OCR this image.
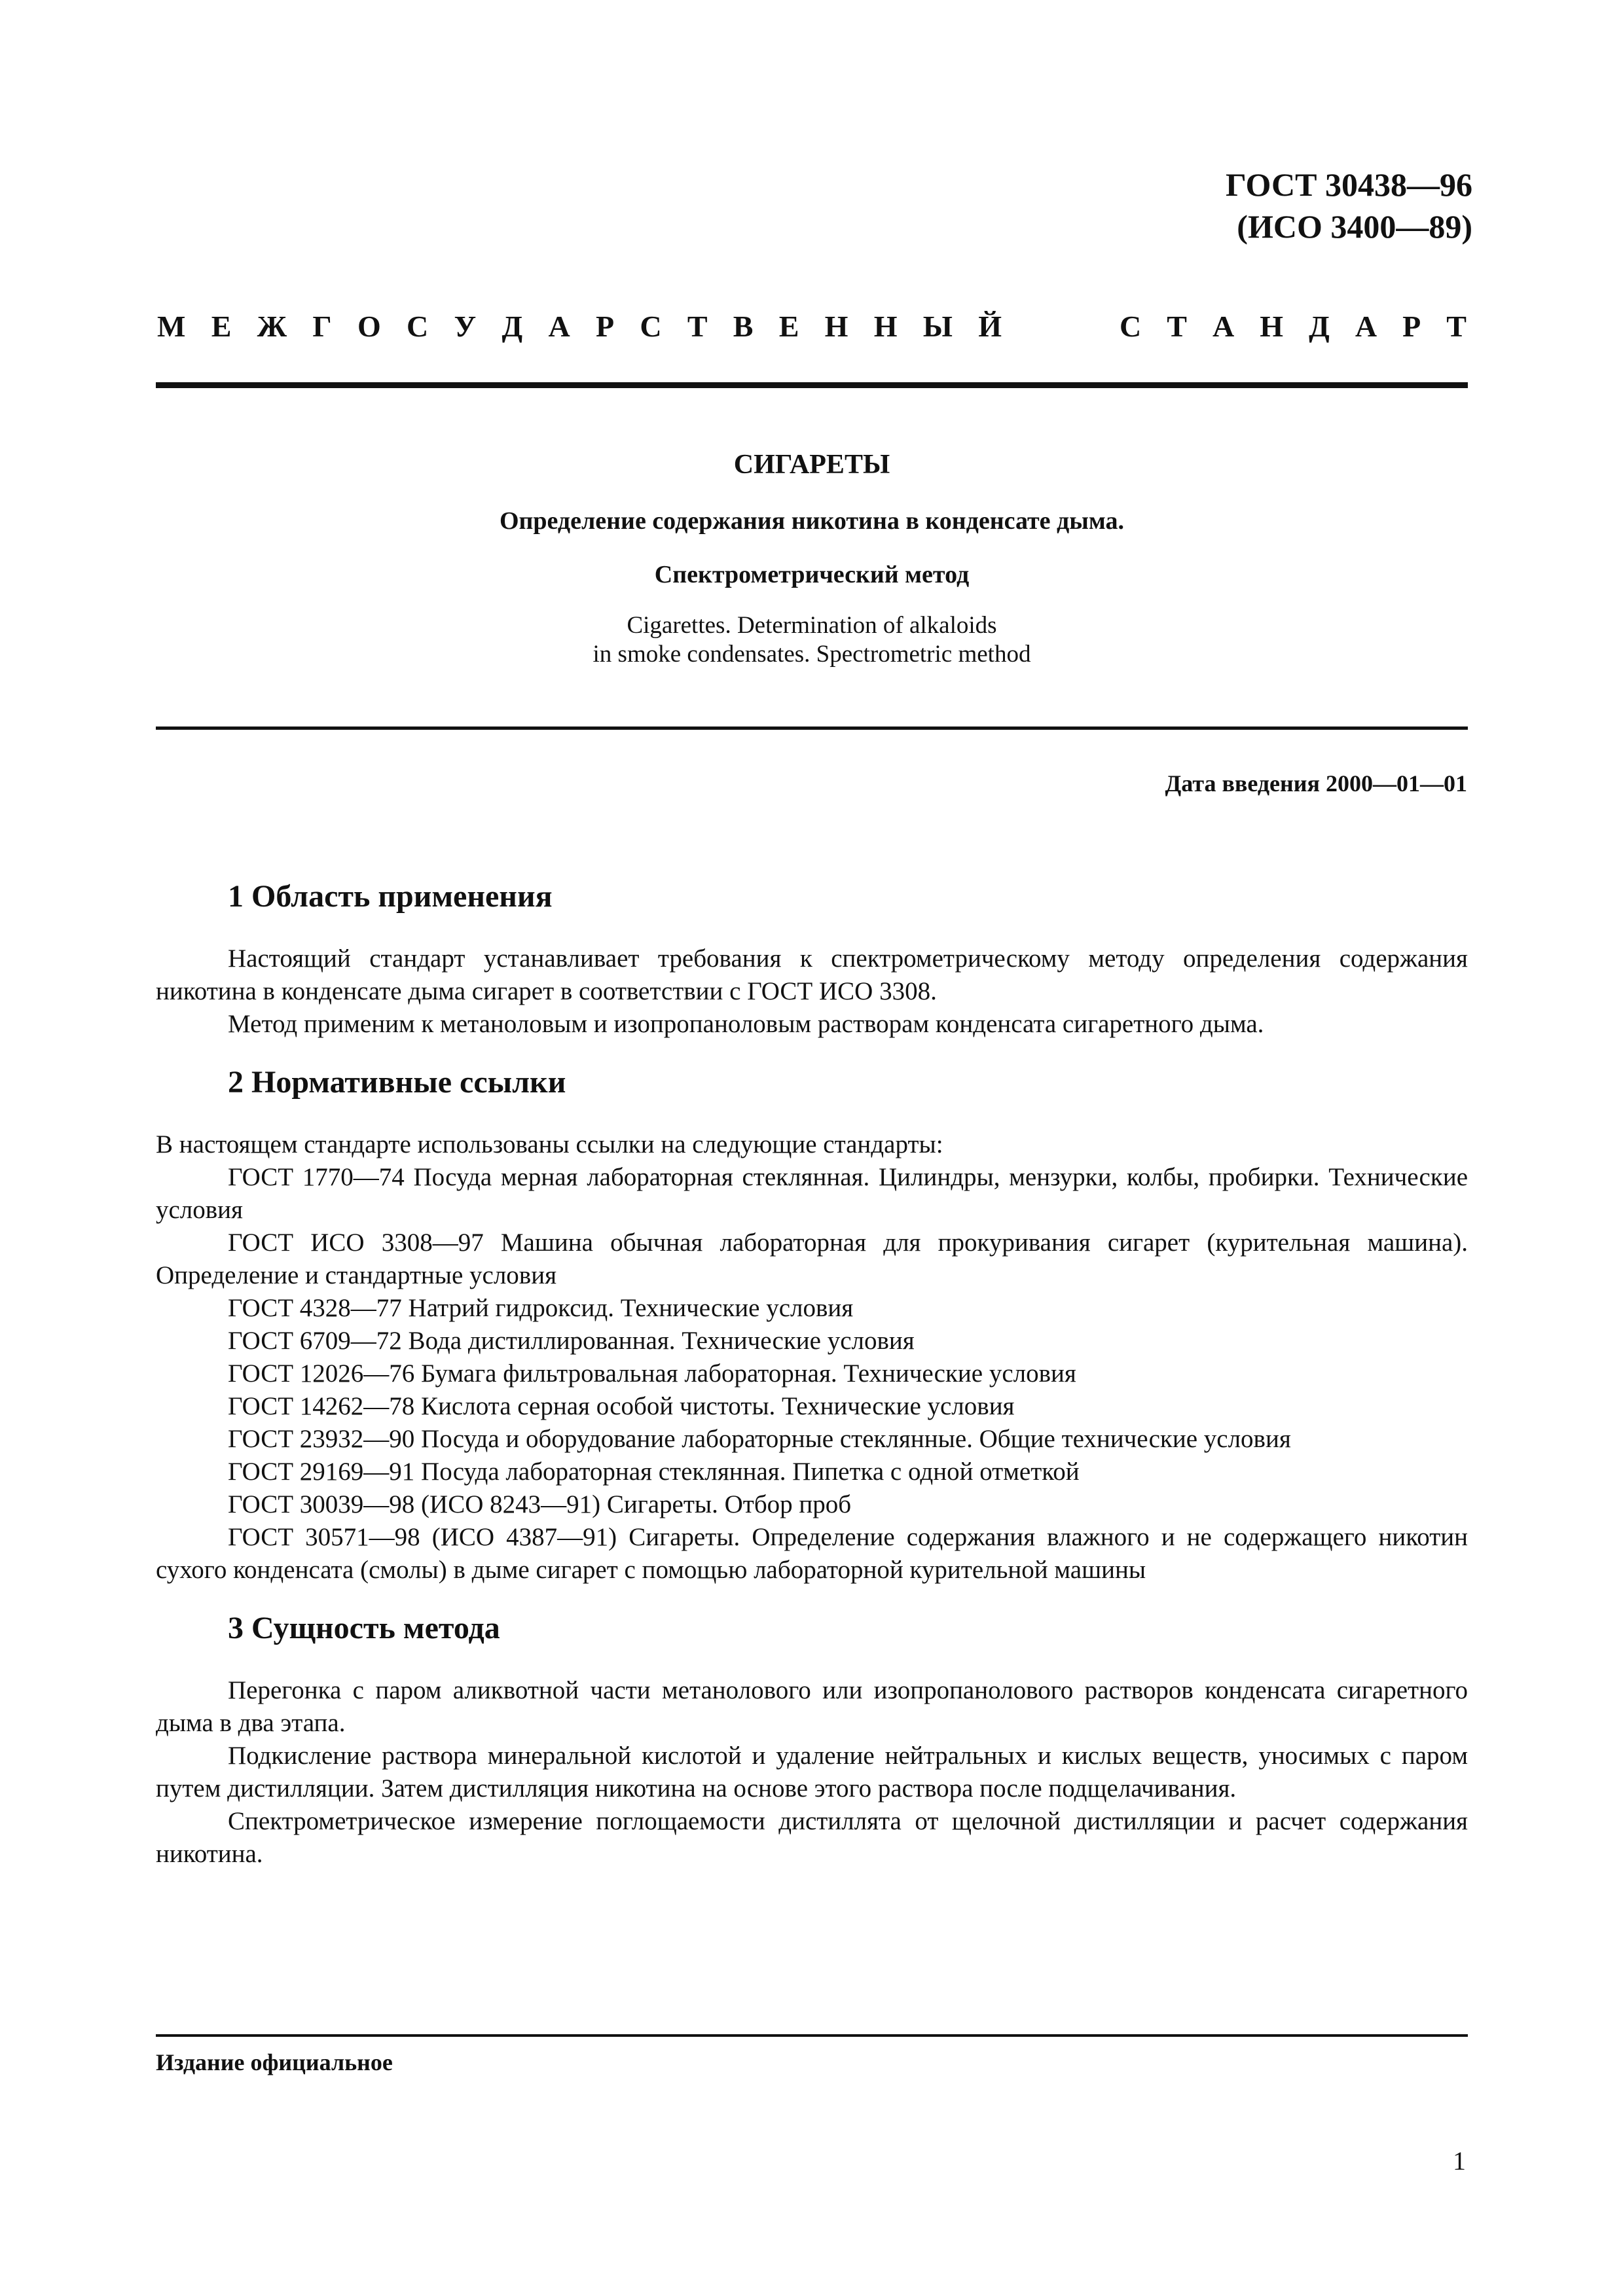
ГОСТ 30438—96
(ИСО 3400—89)
М Е Ж Г О С У Д А Р С Т В Е Н Н Ы Й	С Т А Н Д А Р Т
СИГАРЕТЫ
Определение содержания никотина в конденсате дыма.
Спектрометрический метод
Cigarettes. Determination of alkaloids
in smoke condensates. Spectrometric method
Дата введения 2000—01—01
1 Область применения

Настоящий стандарт устанавливает требования к спектрометрическому методу определения содержания никотина в конденсате дыма сигарет в соответствии с ГОСТ ИСО 3308.

Метод применим к метаноловым и изопропаноловым растворам конденсата сигаретного дыма.

2 Нормативные ссылки

В настоящем стандарте использованы ссылки на следующие стандарты:

ГОСТ 1770—74 Посуда мерная лабораторная стеклянная. Цилиндры, мензурки, колбы, пробирки. Технические условия

ГОСТ ИСО 3308—97 Машина обычная лабораторная для прокуривания сигарет (курительная машина). Определение и стандартные условия

ГОСТ 4328—77 Натрий гидроксид. Технические условия

ГОСТ 6709—72 Вода дистиллированная. Технические условия

ГОСТ 12026—76 Бумага фильтровальная лабораторная. Технические условия

ГОСТ 14262—78 Кислота серная особой чистоты. Технические условия

ГОСТ 23932—90 Посуда и оборудование лабораторные стеклянные. Общие технические условия

ГОСТ 29169—91 Посуда лабораторная стеклянная. Пипетка с одной отметкой

ГОСТ 30039—98 (ИСО 8243—91) Сигареты. Отбор проб

ГОСТ 30571—98 (ИСО 4387—91) Сигареты. Определение содержания влажного и не содержащего никотин сухого конденсата (смолы) в дыме сигарет с помощью лабораторной курительной машины

3 Сущность метода

Перегонка с паром аликвотной части метанолового или изопропанолового растворов конденсата сигаретного дыма в два этапа.

Подкисление раствора минеральной кислотой и удаление нейтральных и кислых веществ, уносимых с паром путем дистилляции. Затем дистилляция никотина на основе этого раствора после подщелачивания.

Спектрометрическое измерение поглощаемости дистиллята от щелочной дистилляции и расчет содержания никотина.

Издание официальное
1
